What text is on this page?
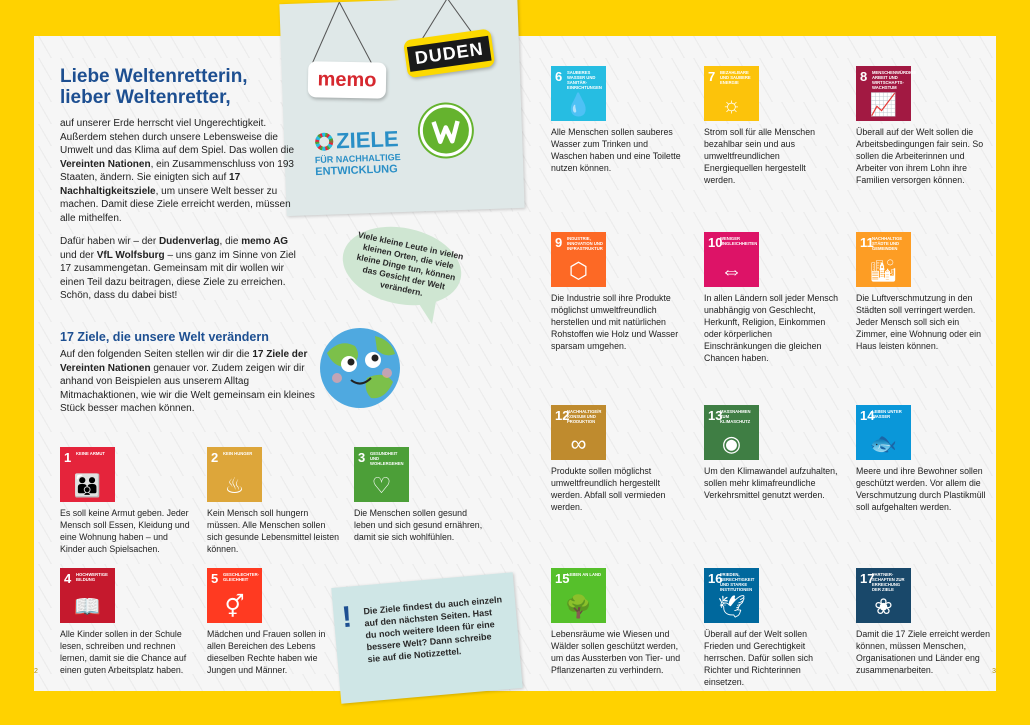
2	3
memo
DUDEN
ZIELE
FÜR NACHHALTIGE
ENTWICKLUNG
Liebe Weltenretterin,
lieber Weltenretter,

auf unserer Erde herrscht viel Ungerechtigkeit. Außerdem stehen durch unsere Lebensweise die Umwelt und das Klima auf dem Spiel. Das wollen die Vereinten Nationen, ein Zusammenschluss von 193 Staaten, ändern. Sie einigten sich auf 17 Nachhaltigkeitsziele, um unsere Welt besser zu machen. Damit diese Ziele erreicht werden, müssen alle mithelfen.

Dafür haben wir – der Dudenverlag, die memo AG und der VfL Wolfsburg – uns ganz im Sinne von Ziel 17 zusammengetan. Gemeinsam mit dir wollen wir einen Teil dazu beitragen, diese Ziele zu erreichen. Schön, dass du dabei bist!

Viele kleine Leute in vielen kleinen Orten, die viele kleine Dinge tun, können das Gesicht der Welt verändern.
17 Ziele, die unsere Welt verändern
Auf den folgenden Seiten stellen wir dir die 17 Ziele der Vereinten Nationen genauer vor. Zudem zeigen wir dir anhand von Beispielen aus unserem Alltag Mitmachaktionen, wie wir die Welt gemeinsam ein kleines Stück besser machen können.
1 KEINE ARMUT
👪
Es soll keine Armut geben. Jeder Mensch soll Essen, Kleidung und eine Wohnung haben – und Kinder auch Spielsachen.
2 KEIN HUNGER
♨
Kein Mensch soll hungern müssen. Alle Menschen sollen sich gesunde Lebensmittel leisten können.
3 GESUNDHEIT UND WOHLERGEHEN
♡
Die Menschen sollen gesund leben und sich gesund ernähren, damit sie sich wohlfühlen.
4 HOCHWERTIGE BILDUNG
📖
Alle Kinder sollen in der Schule lesen, schreiben und rechnen lernen, damit sie die Chance auf einen guten Arbeitsplatz haben.
5 GESCHLECHTER-GLEICHHEIT
⚥
Mädchen und Frauen sollen in allen Bereichen des Lebens dieselben Rechte haben wie Jungen und Männer.
6 SAUBERES WASSER UND SANITÄR-EINRICHTUNGEN
💧
Alle Menschen sollen sauberes Wasser zum Trinken und Waschen haben und eine Toilette nutzen können.
7 BEZAHLBARE UND SAUBERE ENERGIE
☼
Strom soll für alle Menschen bezahlbar sein und aus umweltfreundlichen Energiequellen hergestellt werden.
8 MENSCHENWÜRDIGE ARBEIT UND WIRTSCHAFTS-WACHSTUM
📈
Überall auf der Welt sollen die Arbeitsbedingungen fair sein. So sollen die Arbeiterinnen und Arbeiter von ihrem Lohn ihre Familien versorgen können.
9 INDUSTRIE, INNOVATION UND INFRASTRUKTUR
⬡
Die Industrie soll ihre Produkte möglichst umweltfreundlich herstellen und mit natürlichen Rohstoffen wie Holz und Wasser sparsam umgehen.
10
WENIGER UNGLEICHHEITEN
⇔
In allen Ländern soll jeder Mensch unabhängig von Geschlecht, Herkunft, Religion, Einkommen oder körperlichen Einschränkungen die gleichen Chancen haben.
11
NACHHALTIGE STÄDTE UND GEMEINDEN
🏙
Die Luftverschmutzung in den Städten soll verringert werden. Jeder Mensch soll sich ein Zimmer, eine Wohnung oder ein Haus leisten können.
12
NACHHALTIGE/R KONSUM UND PRODUKTION
∞
Produkte sollen möglichst umweltfreundlich hergestellt werden. Abfall soll vermieden werden.
13
MASSNAHMEN ZUM KLIMASCHUTZ
◉
Um den Klimawandel aufzuhalten, sollen mehr klimafreundliche Verkehrsmittel genutzt werden.
14
LEBEN UNTER WASSER
🐟
Meere und ihre Bewohner sollen geschützt werden. Vor allem die Verschmutzung durch Plastikmüll soll aufgehalten werden.
15
LEBEN AN LAND
🌳
Lebensräume wie Wiesen und Wälder sollen geschützt werden, um das Aussterben von Tier- und Pflanzenarten zu verhindern.
16
FRIEDEN, GERECHTIGKEIT UND STARKE INSTITUTIONEN
🕊
Überall auf der Welt sollen Frieden und Gerechtigkeit herrschen. Dafür sollen sich Richter und Richterinnen einsetzen.
17
PARTNER-SCHAFTEN ZUR ERREICHUNG DER ZIELE
❀
Damit die 17 Ziele erreicht werden können, müssen Menschen, Organisationen und Länder eng zusammenarbeiten.
! Die Ziele findest du auch einzeln auf den nächsten Seiten. Hast du noch weitere Ideen für eine bessere Welt? Dann schreibe sie auf die Notizzettel.
